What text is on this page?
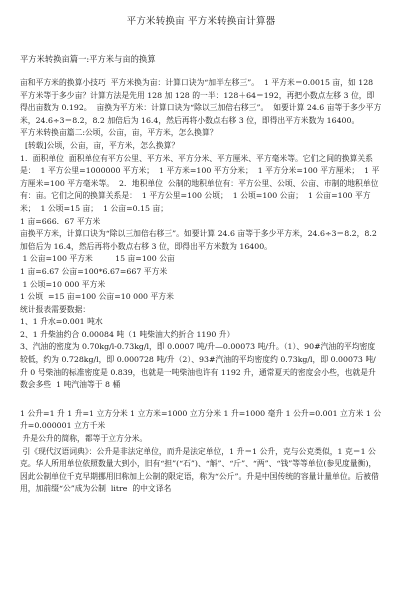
平方米转换亩 平方米转换亩计算器
平方米转换亩篇一:平方米与亩的换算

亩和平方米的换算小技巧  平方米换为亩：计算口诀为“加半左移三”。  1 平方米＝0.0015 亩，如 128 平方米等于多少亩？计算方法是先用 128 加 128 的一半：128＋64＝192，再把小数点左移 3 位，即得出亩数为 0.192。  亩换为平方米：计算口诀为“除以三加倍右移三”。  如要计算 24.6 亩等于多少平方米，24.6÷3＝8.2，8.2 加倍后为 16.4，然后再将小数点右移 3 位，即得出平方米数为 16400。

平方米转换亩篇二:公顷，公亩，亩，平方米，怎么换算？

[转载]公顷，公亩，亩，平方米，怎么换算？

1．面积单位  面积单位有平方公里、平方米、平方分米、平方厘米、平方毫米等。它们之间的换算关系是：  1 平方公里=1000000 平方米；  1 平方米=100 平方分米；  1 平方分米=100 平方厘米；  1 平方厘米=100 平方毫米等。  2．地积单位  公制的地积单位有：平方公里、公顷、公亩、市制的地积单位有：亩。它们之间的换算关系是：  1 平方公里=100 公顷；  1 公顷=100 公亩；  1 公亩=100 平方米；  1 公顷=15 亩；  1 公亩=0.15 亩；

1 亩=666．67 平方米

亩换平方米，计算口诀为“除以三加倍右移三”。如要计算 24.6 亩等于多少平方米，24.6÷3＝8.2，8.2 加倍后为 16.4，然后再将小数点右移 3 位，即得出平方米数为 16400。

1 公亩=100 平方米         15 亩=100 公亩

1 亩=6.67 公亩=100*6.67=667 平方米

1 公顷=10 000 平方米

1 公顷  =15 亩=100 公亩=10 000 平方米

统计报表需要数据：

1、1 升水=0.001 吨水

2、1 升柴油约合 0.00084 吨（1 吨柴油大约折合 1190 升）

3、汽油的密度为 0.70kg/l-0.73kg/l，即 0.0007 吨/升—0.00073 吨/升。（1）、90#汽油的平均密度较低，约为 0.728kg/l，即 0.000728 吨/升（2）、93#汽油的平均密度约 0.73kg/l，即 0.00073 吨/升 0 号柴油的标准密度是 0.839，也就是一吨柴油也许有 1192 升，通常夏天的密度会小些，也就是升数会多些  1 吨汽油等于 8 桶

1 公升=1 升 1 升=1 立方分米 1 立方米=1000 立方分米 1 升=1000 毫升 1 公升=0.001 立方米 1 公升=0.000001 立方千米

升是公升的简称，都等于立方分米。

引《现代汉语词典》：公升是非法定单位，而升是法定单位，1 升＝1 公升，克与公克类似，1 克＝1 公克。华人所用单位依照数量大到小，旧有“担”(“石”)、“斛”、“斤”、“两”、“钱”等等单位(参见度量衡)，因此公制单位千克早期挪用旧称加上公制的限定语，称为“公斤”。升是中国传统的容量计量单位。后被借用，加前缀“公”成为公制  litre  的中文译名
